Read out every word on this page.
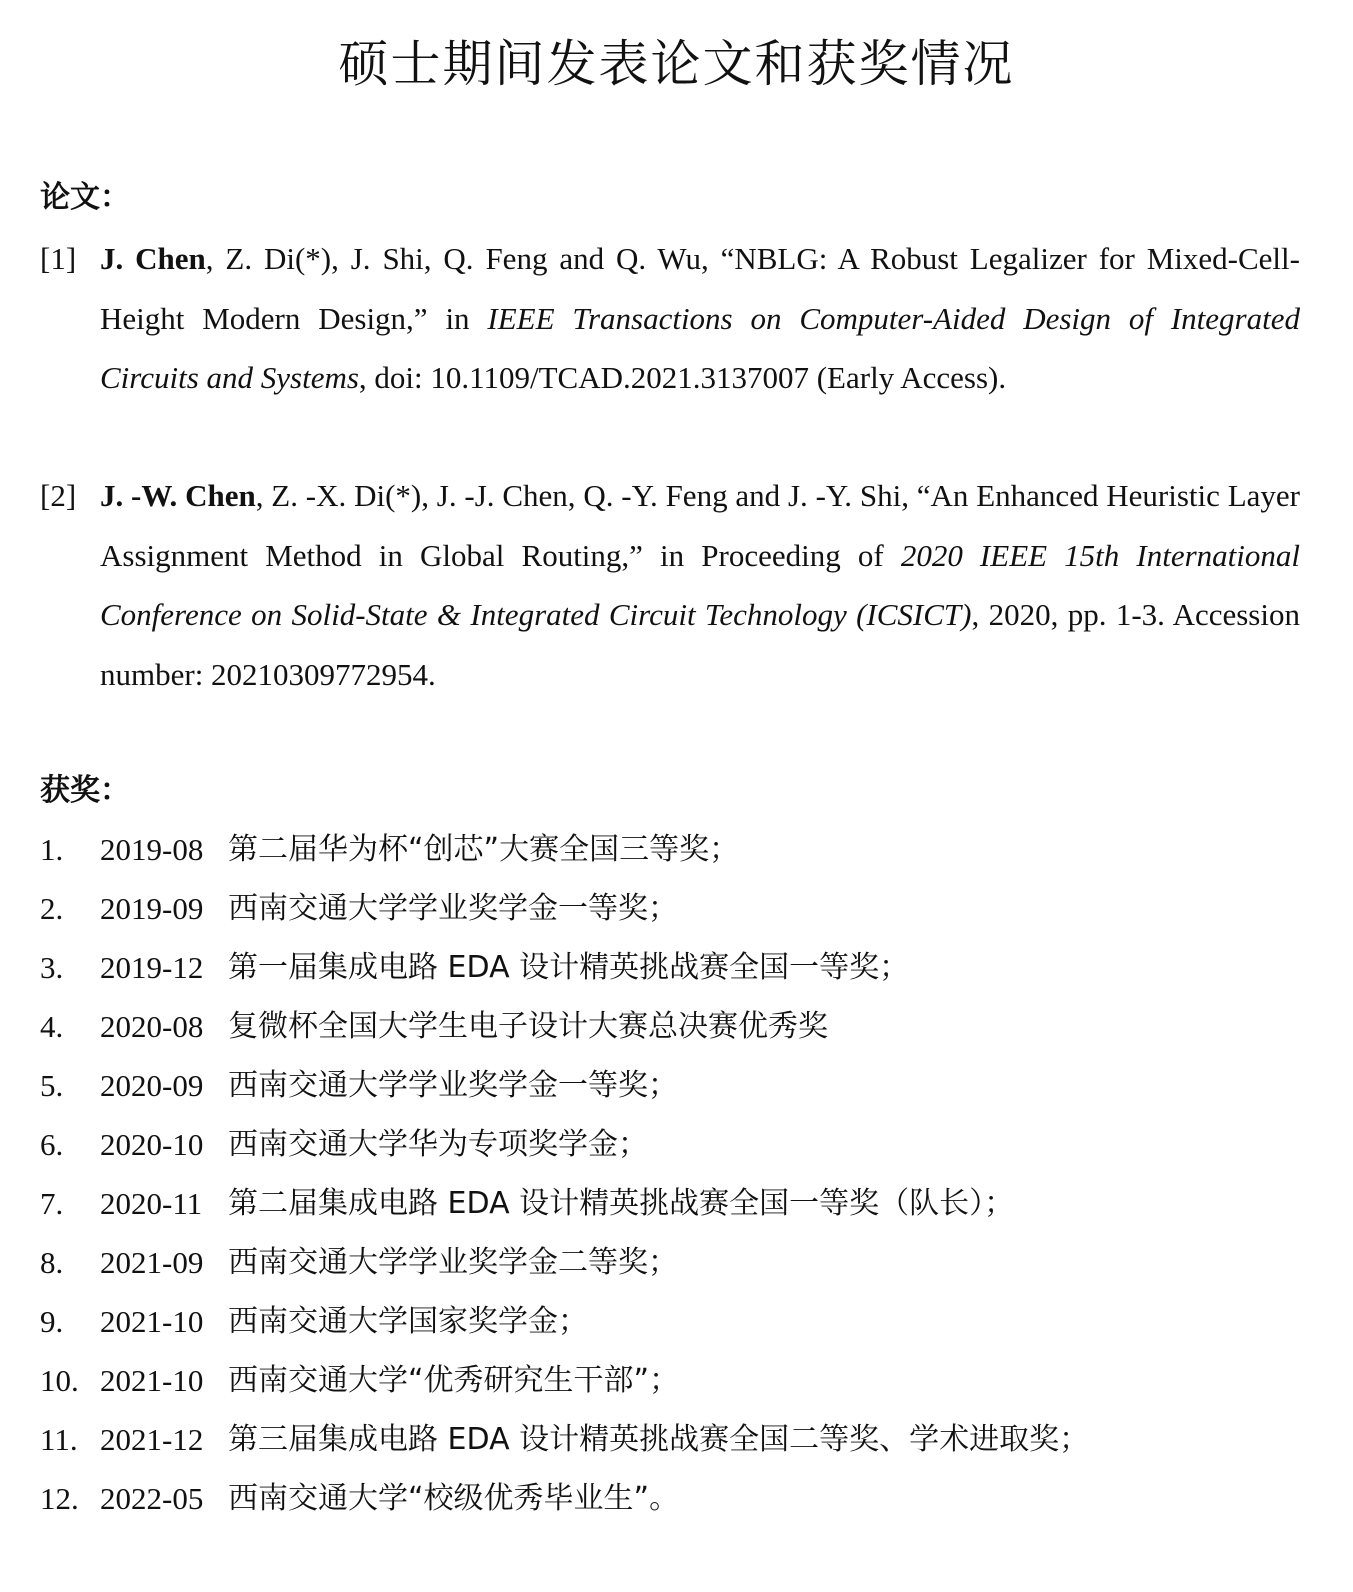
硕士期间发表论文和获奖情况
论文：
[1] J. Chen, Z. Di(*), J. Shi, Q. Feng and Q. Wu, “NBLG: A Robust Legalizer for Mixed-Cell-Height Modern Design,” in IEEE Transactions on Computer-Aided Design of Integrated Circuits and Systems, doi: 10.1109/TCAD.2021.3137007 (Early Access).
[2] J. -W. Chen, Z. -X. Di(*), J. -J. Chen, Q. -Y. Feng and J. -Y. Shi, “An Enhanced Heuristic Layer Assignment Method in Global Routing,” in Proceeding of 2020 IEEE 15th International Conference on Solid-State & Integrated Circuit Technology (ICSICT), 2020, pp. 1-3. Accession number: 20210309772954.
获奖：
1. 2019-08 第二届华为杯“创芯”大赛全国三等奖；
2. 2019-09 西南交通大学学业奖学金一等奖；
3. 2019-12 第一届集成电路 EDA 设计精英挑战赛全国一等奖；
4. 2020-08 复微杯全国大学生电子设计大赛总决赛优秀奖
5. 2020-09 西南交通大学学业奖学金一等奖；
6. 2020-10 西南交通大学华为专项奖学金；
7. 2020-11 第二届集成电路 EDA 设计精英挑战赛全国一等奖（队长）；
8. 2021-09 西南交通大学学业奖学金二等奖；
9. 2021-10 西南交通大学国家奖学金；
10. 2021-10 西南交通大学“优秀研究生干部”；
11. 2021-12 第三届集成电路 EDA 设计精英挑战赛全国二等奖、学术进取奖；
12. 2022-05 西南交通大学“校级优秀毕业生”。
